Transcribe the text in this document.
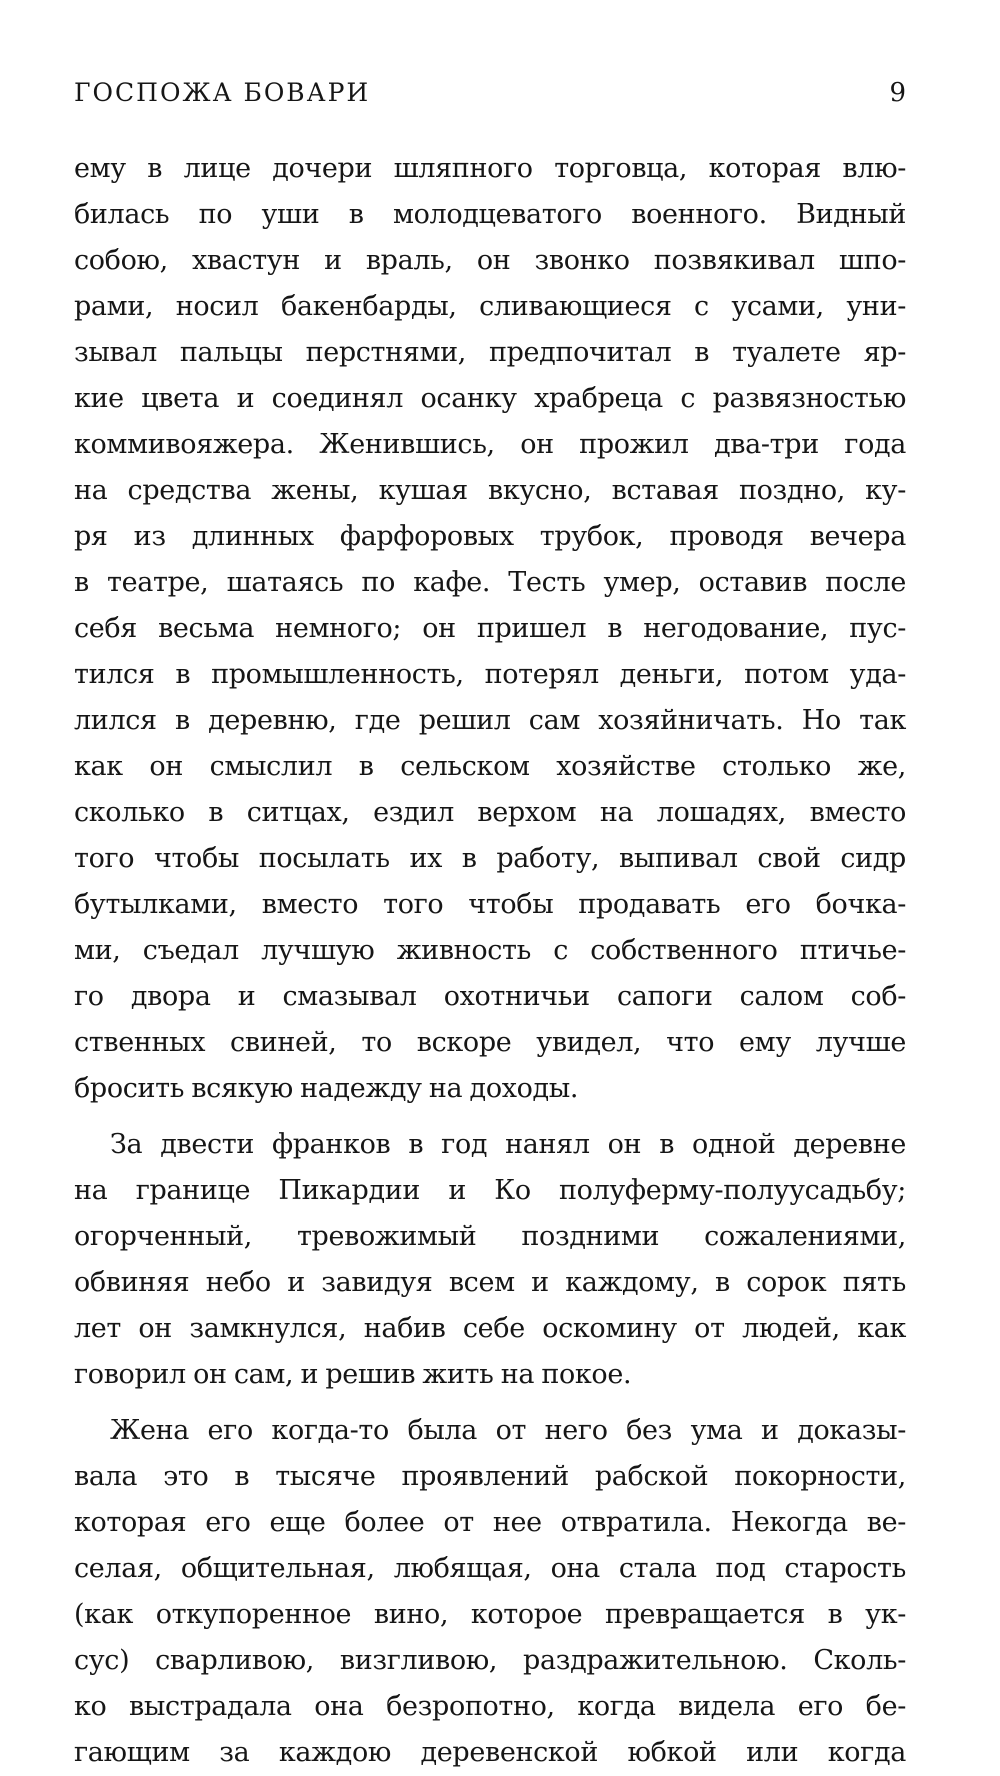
ГОСПОЖА БОВАРИ	9
ему в лице дочери шляпного торговца, которая влю-
билась по уши в молодцеватого военного. Видный
собою, хвастун и враль, он звонко позвякивал шпо-
рами, носил бакенбарды, сливающиеся с усами, уни-
зывал пальцы перстнями, предпочитал в туалете яр-
кие цвета и соединял осанку храбреца с развязностью
коммивояжера. Женившись, он прожил два-три года
на средства жены, кушая вкусно, вставая поздно, ку-
ря из длинных фарфоровых трубок, проводя вечера
в театре, шатаясь по кафе. Тесть умер, оставив после
себя весьма немного; он пришел в негодование, пус-
тился в промышленность, потерял деньги, потом уда-
лился в деревню, где решил сам хозяйничать. Но так
как он смыслил в сельском хозяйстве столько же,
сколько в ситцах, ездил верхом на лошадях, вместо
того чтобы посылать их в работу, выпивал свой сидр
бутылками, вместо того чтобы продавать его бочка-
ми, съедал лучшую живность с собственного птичье-
го двора и смазывал охотничьи сапоги салом соб-
ственных свиней, то вскоре увидел, что ему лучше
бросить всякую надежду на доходы.
За двести франков в год нанял он в одной деревне
на границе Пикардии и Ко полуферму-полуусадьбу;
огорченный, тревожимый поздними сожалениями,
обвиняя небо и завидуя всем и каждому, в сорок пять
лет он замкнулся, набив себе оскомину от людей, как
говорил он сам, и решив жить на покое.
Жена его когда-то была от него без ума и доказы-
вала это в тысяче проявлений рабской покорности,
которая его еще более от нее отвратила. Некогда ве-
селая, общительная, любящая, она стала под старость
(как откупоренное вино, которое превращается в ук-
сус) сварливою, визгливою, раздражительною. Сколь-
ко выстрадала она безропотно, когда видела его бе-
гающим за каждою деревенской юбкой или когда
